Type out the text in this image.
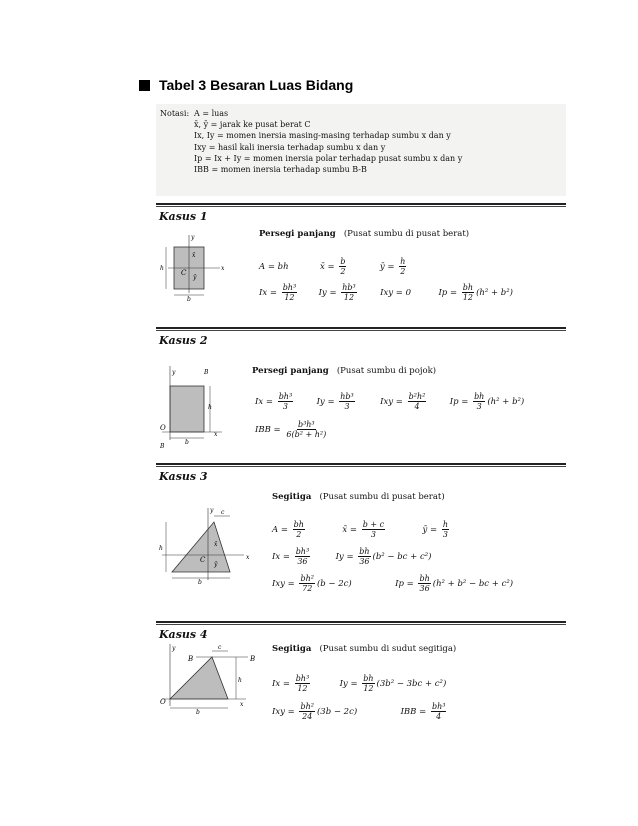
Tabel 3 Besaran Luas Bidang
Notasi: A = luas
x̄, ȳ = jarak ke pusat berat C
Ix, Iy = momen inersia masing-masing terhadap sumbu x dan y
Ixy = hasil kali inersia terhadap sumbu x dan y
Ip = Ix + Iy = momen inersia polar terhadap pusat sumbu x dan y
IBB = momen inersia terhadap sumbu B-B
Kasus 1
Persegi panjang (Pusat sumbu di pusat berat)
y
x
C
h
b
x̄
ȳ
A = bh	x̄ = $\frac{b}{2}$	ȳ = $\frac{h}{2}$
$Ix = \frac{\text{bh³}}{12}$	$Iy = \frac{\text{hb³}}{12}$	Ixy = 0	$Ip = \frac{bh}{12} (h^2 + b^2)$
Kasus 2
Persegi panjang (Pusat sumbu di pojok)
y	B
h
O
b
x
B
$Ix = \frac{\text{bh³}}{3}$	$Iy = \frac{\text{hb³}}{3}$	Ixy = $\frac{\text{b²h²}}{4}$	$Ip = \frac{bh}{3} (h^2 + b^2)$
IBB = $\frac{\text{b³h³}}{\text{6(b² + h²)}}$
Kasus 3
Segitiga (Pusat sumbu di pusat berat)
y c
x
C
h
b
x̄
ȳ
$A = \frac{bh}{2}$	x̄ = $\frac{b + c}{3}$	ȳ = $\frac{h}{3}$
$Ix = \frac{\text{bh³}}{36}$	$Iy = \frac{bh}{36} (b^2$ − bc + c²)
Ixy = $\frac{\text{bh²}}{72} (b - 2c)$	$Ip = \frac{bh}{36} (h^2 + b^2$ − bc + c²)
Kasus 4
Segitiga (Pusat sumbu di sudut segitiga)
y	c
B	B
h
O
b
x
$Ix = \frac{\text{bh³}}{12}$	$Iy = \frac{bh}{12} (3b^2 - 3bc + c^2)$
Ixy = $\frac{\text{bh²}}{24} (3b - 2c)$	IBB = $\frac{\text{bh³}}{4}$
